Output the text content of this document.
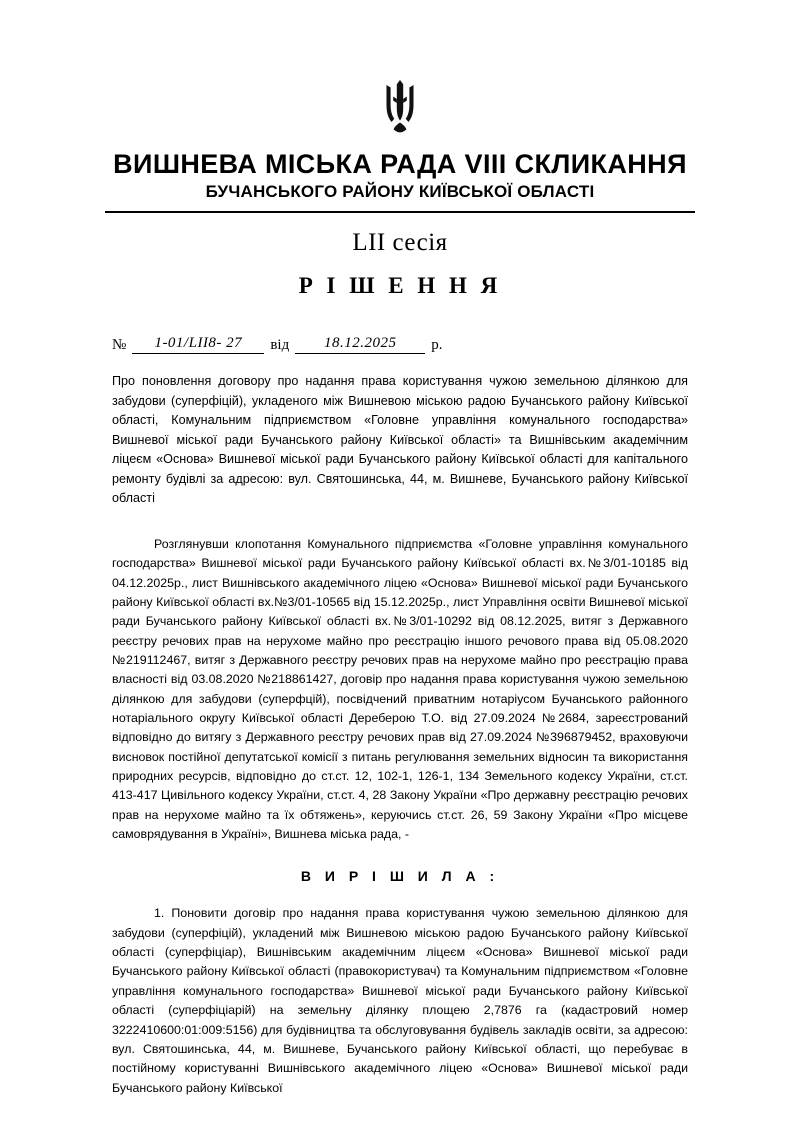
ВИШНЕВА МІСЬКА РАДА VIII СКЛИКАННЯ
БУЧАНСЬКОГО РАЙОНУ КИЇВСЬКОЇ ОБЛАСТІ
LII сесія
Р І Ш Е Н Н Я
№	1-01/LII8- 27	від	18.12.2025	р.
Про поновлення договору про надання права користування чужою земельною ділянкою для забудови (суперфіцій), укладеного між Вишневою міською радою Бучанського району Київської області, Комунальним підприємством «Головне управління комунального господарства» Вишневої міської ради Бучанського району Київської області» та Вишнівським академічним ліцеєм «Основа» Вишневої міської ради Бучанського району Київської області для капітального ремонту будівлі за адресою: вул. Святошинська, 44, м. Вишневе, Бучанського району Київської області

Розглянувши клопотання Комунального підприємства «Головне управління комунального господарства» Вишневої міської ради Бучанського району Київської області вх.№3/01-10185 від 04.12.2025р., лист Вишнівського академічного ліцею «Основа» Вишневої міської ради Бучанського району Київської області вх.№3/01-10565 від 15.12.2025р., лист Управління освіти Вишневої міської ради Бучанського району Київської області вх.№3/01-10292 від 08.12.2025, витяг з Державного реєстру речових прав на нерухоме майно про реєстрацію іншого речового права від 05.08.2020 №219112467, витяг з Державного реєстру речових прав на нерухоме майно про реєстрацію права власності від 03.08.2020 №218861427, договір про надання права користування чужою земельною ділянкою для забудови (суперфцій), посвідчений приватним нотаріусом Бучанського районного нотаріального округу Київської області Дереберою Т.О. від 27.09.2024 №2684, зареєстрований відповідно до витягу з Державного реєстру речових прав від 27.09.2024 №396879452, враховуючи висновок постійної депутатської комісії з питань регулювання земельних відносин та використання природних ресурсів, відповідно до ст.ст. 12, 102-1, 126-1, 134 Земельного кодексу України, ст.ст. 413-417 Цивільного кодексу України, ст.ст. 4, 28 Закону України «Про державну реєстрацію речових прав на нерухоме майно та їх обтяжень», керуючись ст.ст. 26, 59 Закону України «Про місцеве самоврядування в Україні», Вишнева міська рада, -

В И Р І Ш И Л А :

1. Поновити договір про надання права користування чужою земельною ділянкою для забудови (суперфіцій), укладений між Вишневою міською радою Бучанського району Київської області (суперфіціар), Вишнівським академічним ліцеєм «Основа» Вишневої міської ради Бучанського району Київської області (правокористувач) та Комунальним підприємством «Головне управління комунального господарства» Вишневої міської ради Бучанського району Київської області (суперфіціарій) на земельну ділянку площею 2,7876 га (кадастровий номер 3222410600:01:009:5156) для будівництва та обслуговування будівель закладів освіти, за адресою: вул. Святошинська, 44, м. Вишневе, Бучанського району Київської області, що перебуває в постійному користуванні Вишнівського академічного ліцею «Основа» Вишневої міської ради Бучанського району Київської
